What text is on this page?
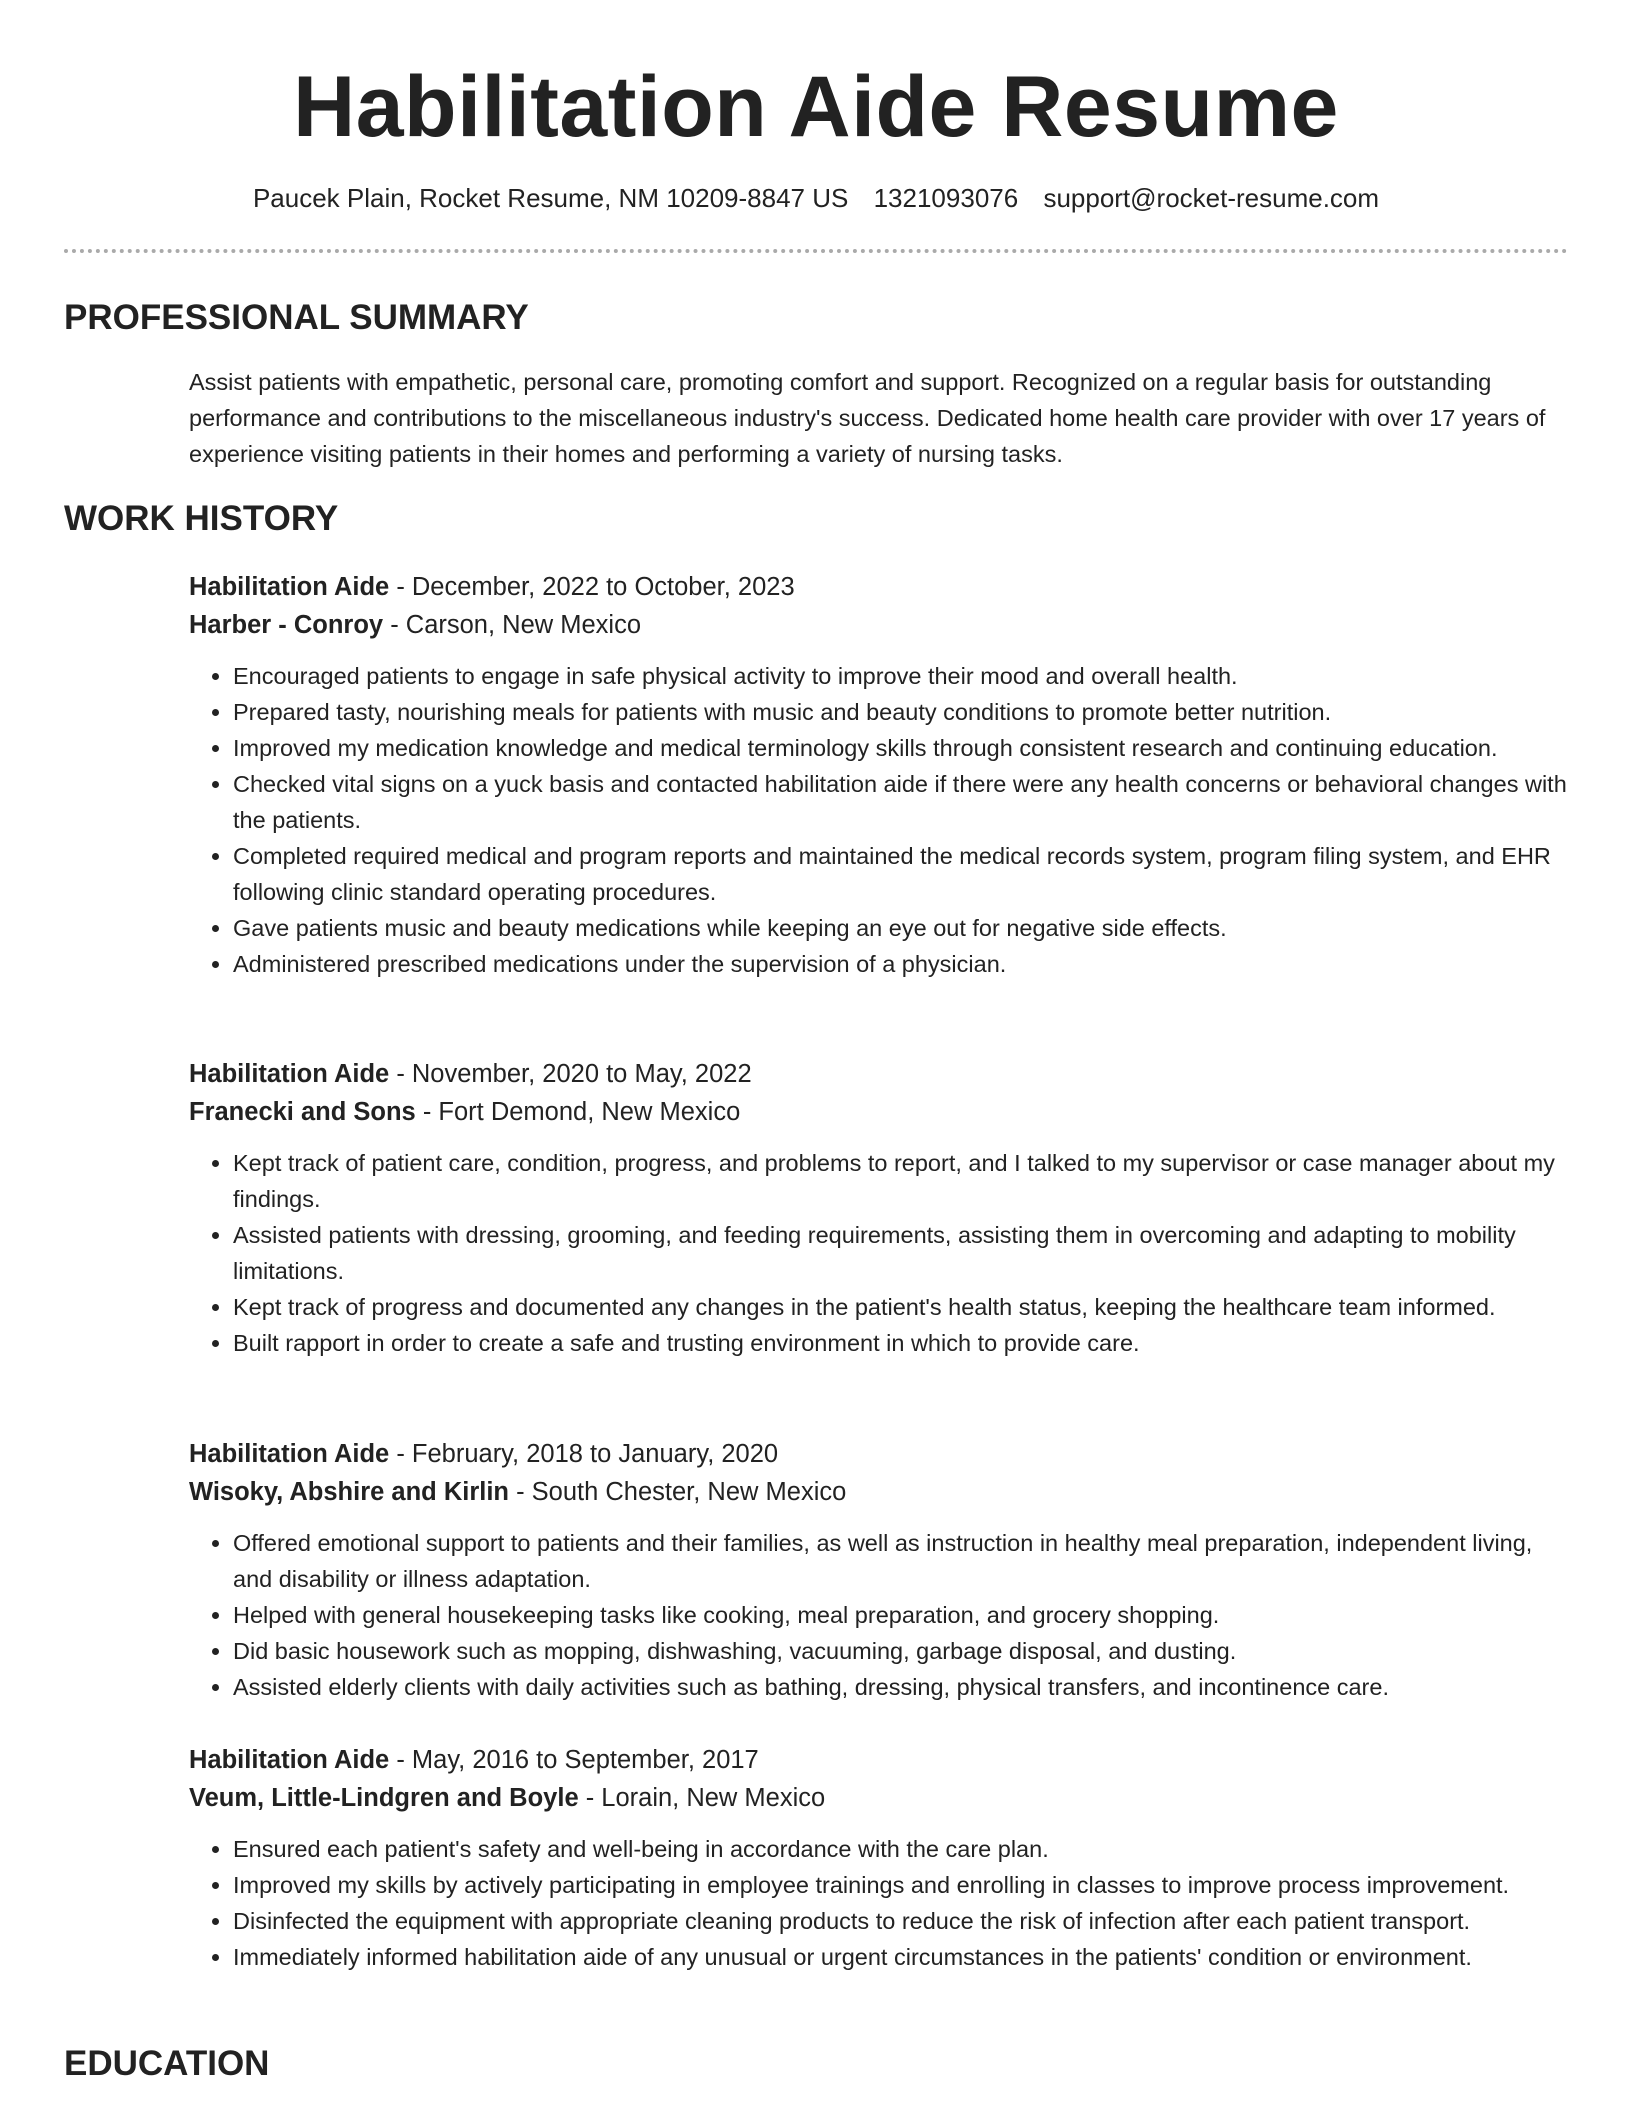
Habilitation Aide Resume
Paucek Plain, Rocket Resume, NM 10209-8847 US 1321093076 support@rocket-resume.com
PROFESSIONAL SUMMARY

Assist patients with empathetic, personal care, promoting comfort and support. Recognized on a regular basis for outstanding performance and contributions to the miscellaneous industry's success. Dedicated home health care provider with over 17 years of experience visiting patients in their homes and performing a variety of nursing tasks.

WORK HISTORY
Habilitation Aide - December, 2022 to October, 2023
Harber - Conroy - Carson, New Mexico
• Encouraged patients to engage in safe physical activity to improve their mood and overall health.
• Prepared tasty, nourishing meals for patients with music and beauty conditions to promote better nutrition.
• Improved my medication knowledge and medical terminology skills through consistent research and continuing education.
• Checked vital signs on a yuck basis and contacted habilitation aide if there were any health concerns or behavioral changes with the patients.
• Completed required medical and program reports and maintained the medical records system, program filing system, and EHR following clinic standard operating procedures.
• Gave patients music and beauty medications while keeping an eye out for negative side effects.
• Administered prescribed medications under the supervision of a physician.
Habilitation Aide - November, 2020 to May, 2022
Franecki and Sons - Fort Demond, New Mexico
• Kept track of patient care, condition, progress, and problems to report, and I talked to my supervisor or case manager about my findings.
• Assisted patients with dressing, grooming, and feeding requirements, assisting them in overcoming and adapting to mobility limitations.
• Kept track of progress and documented any changes in the patient's health status, keeping the healthcare team informed.
• Built rapport in order to create a safe and trusting environment in which to provide care.
Habilitation Aide - February, 2018 to January, 2020
Wisoky, Abshire and Kirlin - South Chester, New Mexico
• Offered emotional support to patients and their families, as well as instruction in healthy meal preparation, independent living, and disability or illness adaptation.
• Helped with general housekeeping tasks like cooking, meal preparation, and grocery shopping.
• Did basic housework such as mopping, dishwashing, vacuuming, garbage disposal, and dusting.
• Assisted elderly clients with daily activities such as bathing, dressing, physical transfers, and incontinence care.
Habilitation Aide - May, 2016 to September, 2017
Veum, Little-Lindgren and Boyle - Lorain, New Mexico
• Ensured each patient's safety and well-being in accordance with the care plan.
• Improved my skills by actively participating in employee trainings and enrolling in classes to improve process improvement.
• Disinfected the equipment with appropriate cleaning products to reduce the risk of infection after each patient transport.
• Immediately informed habilitation aide of any unusual or urgent circumstances in the patients' condition or environment.
EDUCATION
